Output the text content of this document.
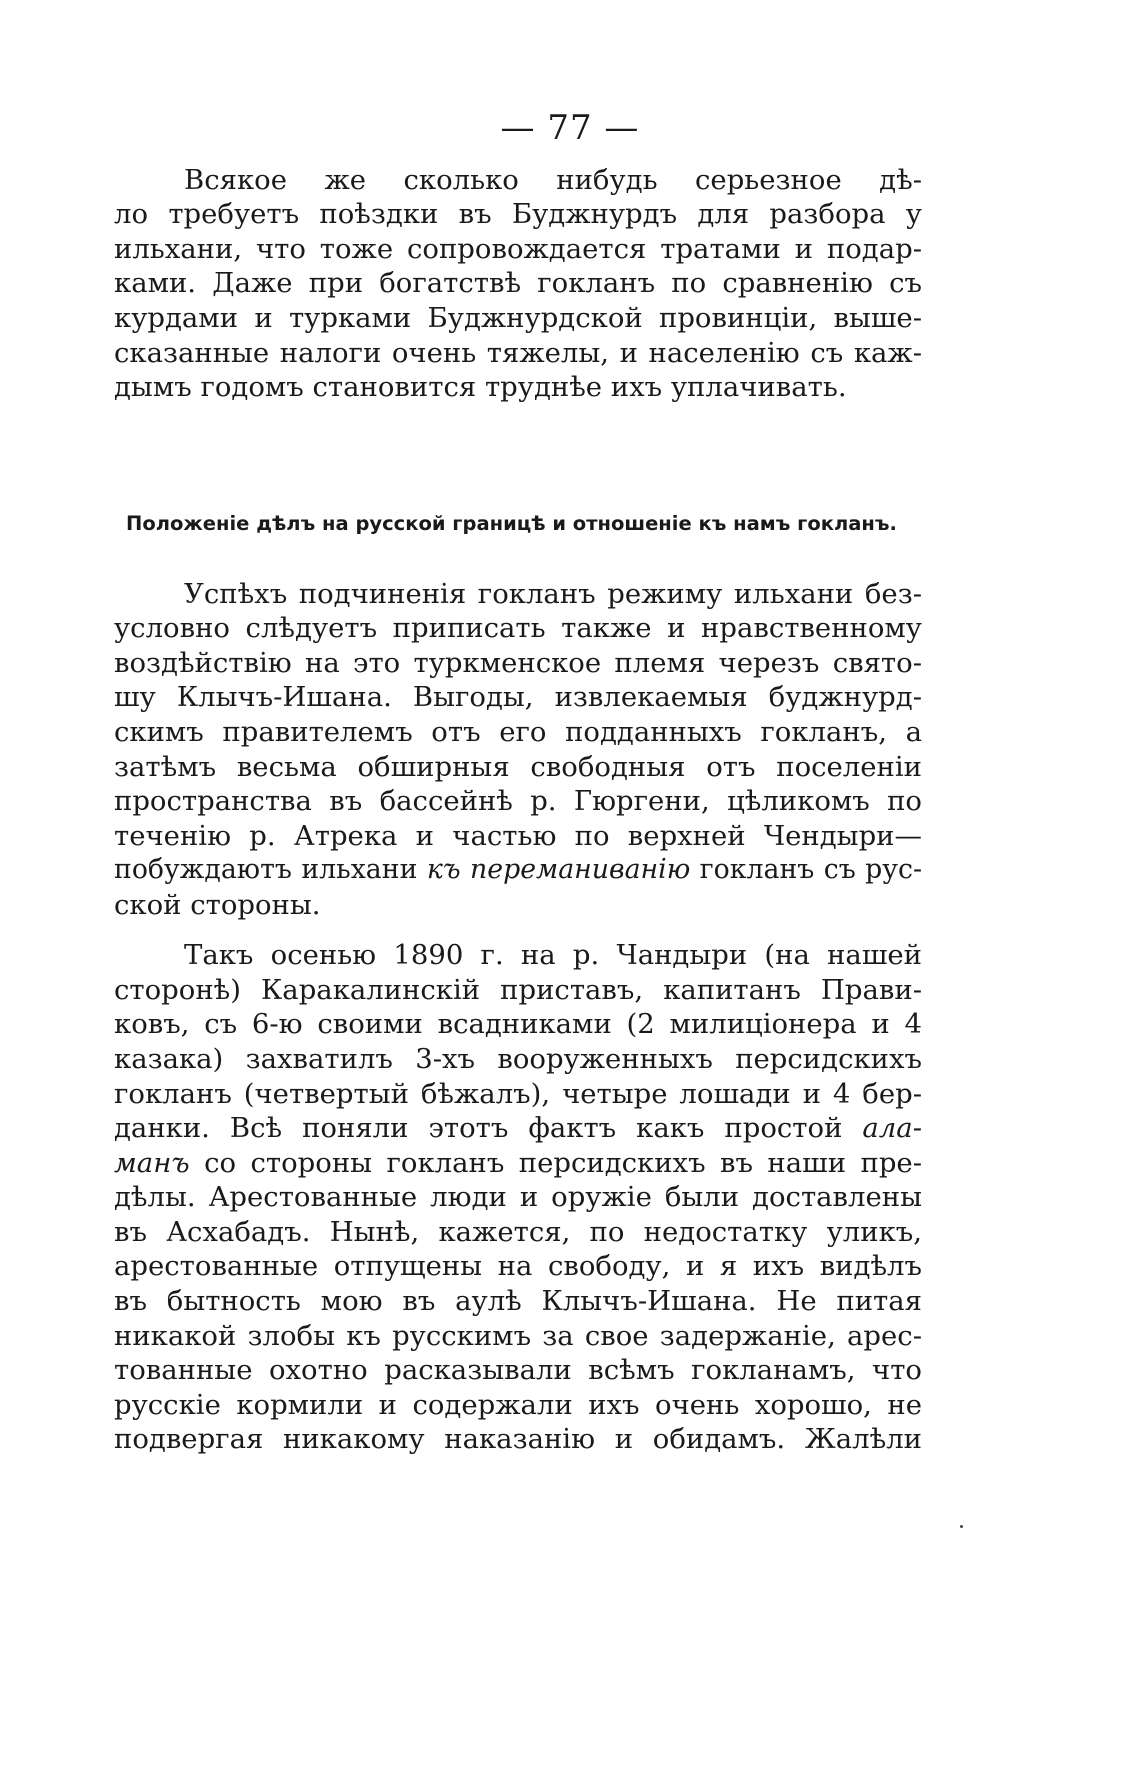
— 77 —
Всякое же сколько нибудь серьезное дѣ-
ло требуетъ поѣздки въ Буджнурдъ для разбора у
ильхани, что тоже сопровождается тратами и подар-
ками. Даже при богатствѣ гокланъ по сравненію съ
курдами и турками Буджнурдской провинціи, выше-
сказанные налоги очень тяжелы, и населенію съ каж-
дымъ годомъ становится труднѣе ихъ уплачивать.
Положеніе дѣлъ на русской границѣ и отношеніе къ намъ гокланъ.
Успѣхъ подчиненія гокланъ режиму ильхани без-
условно слѣдуетъ приписать также и нравственному
воздѣйствію на это туркменское племя черезъ свято-
шу Клычъ-Ишана. Выгоды, извлекаемыя буджнурд-
скимъ правителемъ отъ его подданныхъ гокланъ, а
затѣмъ весьма обширныя свободныя отъ поселеніи
пространства въ бассейнѣ р. Гюргени, цѣликомъ по
теченію р. Атрека и частью по верхней Чендыри—
побуждаютъ ильхани къ переманиванію гокланъ съ рус-
ской стороны.
Такъ осенью 1890 г. на р. Чандыри (на нашей
сторонѣ) Каракалинскій приставъ, капитанъ Прави-
ковъ, съ 6-ю своими всадниками (2 милиціонера и 4
казака) захватилъ 3-хъ вооруженныхъ персидскихъ
гокланъ (четвертый бѣжалъ), четыре лошади и 4 бер-
данки. Всѣ поняли этотъ фактъ какъ простой ала-
манъ со стороны гокланъ персидскихъ въ наши пре-
дѣлы. Арестованные люди и оружіе были доставлены
въ Асхабадъ. Нынѣ, кажется, по недостатку уликъ,
арестованные отпущены на свободу, и я ихъ видѣлъ
въ бытность мою въ аулѣ Клычъ-Ишана. Не питая
никакой злобы къ русскимъ за свое задержаніе, арес-
тованные охотно расказывали всѣмъ гокланамъ, что
русскіе кормили и содержали ихъ очень хорошо, не
подвергая никакому наказанію и обидамъ. Жалѣли
